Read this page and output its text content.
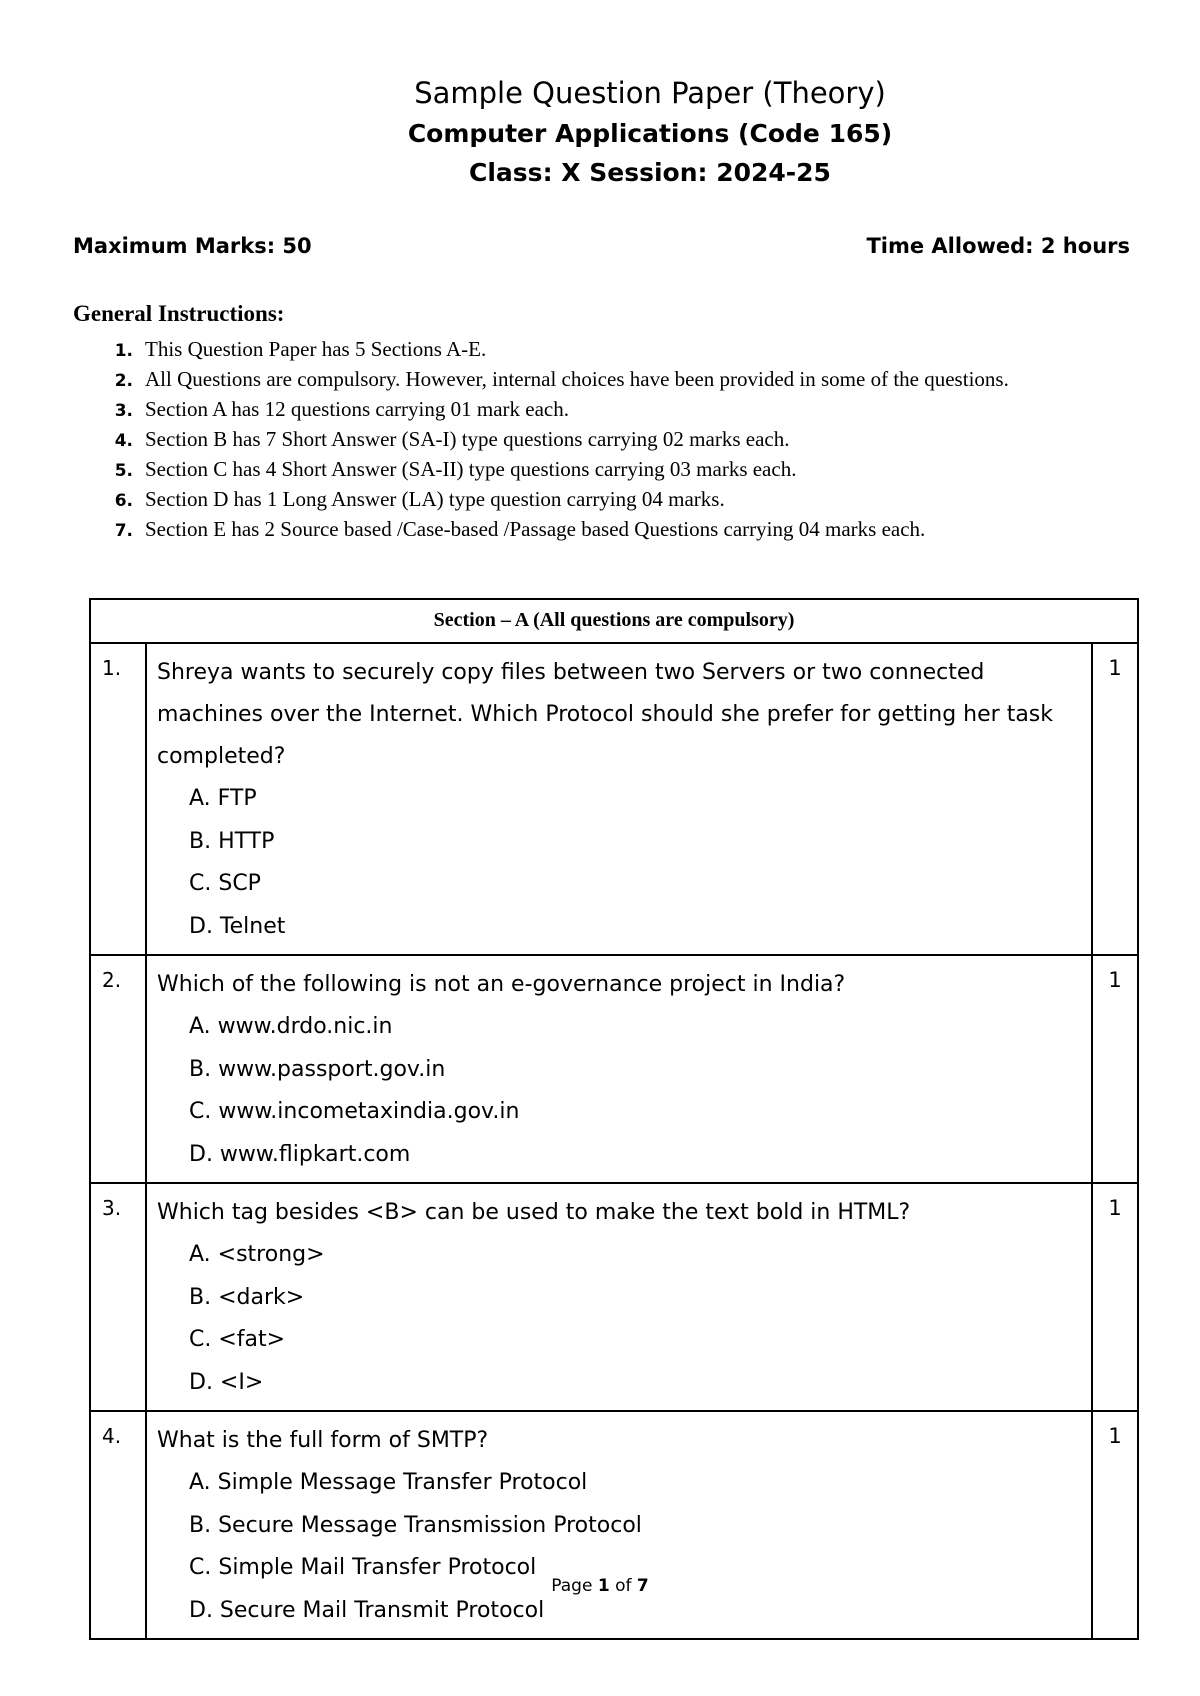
Sample Question Paper (Theory)
Computer Applications (Code 165)
Class: X Session: 2024-25
Maximum Marks: 50	Time Allowed: 2 hours
General Instructions:
1. This Question Paper has 5 Sections A-E.
2. All Questions are compulsory. However, internal choices have been provided in some of the questions.
3. Section A has 12 questions carrying 01 mark each.
4. Section B has 7 Short Answer (SA-I) type questions carrying 02 marks each.
5. Section C has 4 Short Answer (SA-II) type questions carrying 03 marks each.
6. Section D has 1 Long Answer (LA) type question carrying 04 marks.
7. Section E has 2 Source based /Case-based /Passage based Questions carrying 04 marks each.
Section – A (All questions are compulsory)		
1.	Shreya wants to securely copy files between two Servers or two connected machines over the Internet. Which Protocol should she prefer for getting her task completed?
A. FTP
B. HTTP
C. SCP
D. Telnet	1
2.	Which of the following is not an e-governance project in India?
A. www.drdo.nic.in
B. www.passport.gov.in
C. www.incometaxindia.gov.in
D. www.flipkart.com	1
3.	Which tag besides <B> can be used to make the text bold in HTML?
A. <strong>
B. <dark>
C. <fat>
D. <I>	1
4.	What is the full form of SMTP?
A. Simple Message Transfer Protocol
B. Secure Message Transmission Protocol
C. Simple Mail Transfer Protocol
D. Secure Mail Transmit Protocol	1
Page 1 of 7
